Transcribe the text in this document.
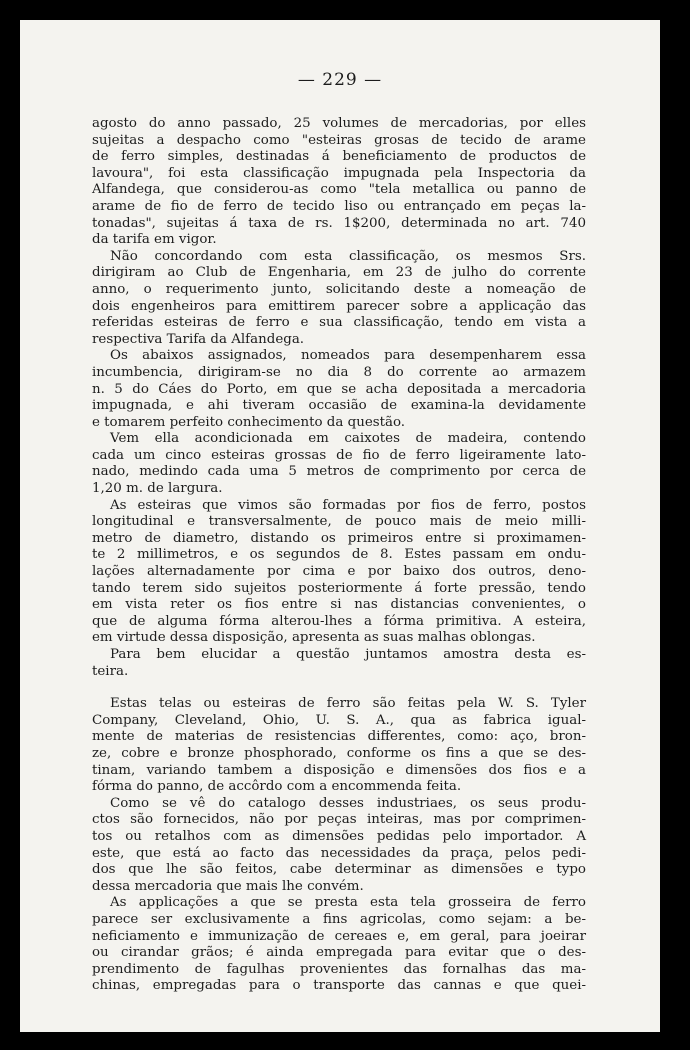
— 229 —
agosto do anno passado, 25 volumes de mercadorias, por elles
sujeitas a despacho como "esteiras grosas de tecido de arame
de ferro simples, destinadas á beneficiamento de productos de
lavoura", foi esta classificação impugnada pela Inspectoria da
Alfandega, que considerou-as como "tela metallica ou panno de
arame de fio de ferro de tecido liso ou entrançado em peças la-
tonadas", sujeitas á taxa de rs. 1$200, determinada no art. 740
da tarifa em vigor.
Não concordando com esta classificação, os mesmos Srs.
dirigiram ao Club de Engenharia, em 23 de julho do corrente
anno, o requerimento junto, solicitando deste a nomeação de
dois engenheiros para emittirem parecer sobre a applicação das
referidas esteiras de ferro e sua classificação, tendo em vista a
respectiva Tarifa da Alfandega.
Os abaixos assignados, nomeados para desempenharem essa
incumbencia, dirigiram-se no dia 8 do corrente ao armazem
n. 5 do Cáes do Porto, em que se acha depositada a mercadoria
impugnada, e ahi tiveram occasião de examina-la devidamente
e tomarem perfeito conhecimento da questão.
Vem ella acondicionada em caixotes de madeira, contendo
cada um cinco esteiras grossas de fio de ferro ligeiramente lato-
nado, medindo cada uma 5 metros de comprimento por cerca de
1,20 m. de largura.
As esteiras que vimos são formadas por fios de ferro, postos
longitudinal e transversalmente, de pouco mais de meio milli-
metro de diametro, distando os primeiros entre si proximamen-
te 2 millimetros, e os segundos de 8. Estes passam em ondu-
lações alternadamente por cima e por baixo dos outros, deno-
tando terem sido sujeitos posteriormente á forte pressão, tendo
em vista reter os fios entre si nas distancias convenientes, o
que de alguma fórma alterou-lhes a fórma primitiva. A esteira,
em virtude dessa disposição, apresenta as suas malhas oblongas.
Para bem elucidar a questão juntamos amostra desta es-
teira.
Estas telas ou esteiras de ferro são feitas pela W. S. Tyler
Company, Cleveland, Ohio, U. S. A., qua as fabrica igual-
mente de materias de resistencias differentes, como: aço, bron-
ze, cobre e bronze phosphorado, conforme os fins a que se des-
tinam, variando tambem a disposição e dimensões dos fios e a
fórma do panno, de accôrdo com a encommenda feita.
Como se vê do catalogo desses industriaes, os seus produ-
ctos são fornecidos, não por peças inteiras, mas por comprimen-
tos ou retalhos com as dimensões pedidas pelo importador. A
este, que está ao facto das necessidades da praça, pelos pedi-
dos que lhe são feitos, cabe determinar as dimensões e typo
dessa mercadoria que mais lhe convém.
As applicações a que se presta esta tela grosseira de ferro
parece ser exclusivamente a fins agricolas, como sejam: a be-
neficiamento e immunização de cereaes e, em geral, para joeirar
ou cirandar grãos; é ainda empregada para evitar que o des-
prendimento de fagulhas provenientes das fornalhas das ma-
chinas, empregadas para o transporte das cannas e que quei-
